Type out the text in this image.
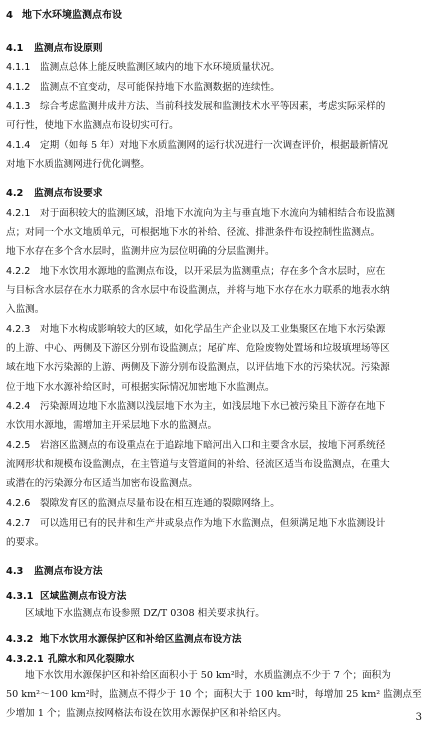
4 地下水环境监测点布设
4.1 监测点布设原则
4.1.1 监测点总体上能反映监测区域内的地下水环境质量状况。
4.1.2 监测点不宜变动，尽可能保持地下水监测数据的连续性。
4.1.3 综合考虑监测井成井方法、当前科技发展和监测技术水平等因素，考虑实际采样的
可行性，使地下水监测点布设切实可行。
4.1.4 定期（如每 5 年）对地下水质监测网的运行状况进行一次调查评价，根据最新情况
对地下水质监测网进行优化调整。
4.2 监测点布设要求
4.2.1 对于面积较大的监测区域，沿地下水流向为主与垂直地下水流向为辅相结合布设监测
点；对同一个水文地质单元，可根据地下水的补给、径流、排泄条件布设控制性监测点。
地下水存在多个含水层时，监测井应为层位明确的分层监测井。
4.2.2 地下水饮用水源地的监测点布设，以开采层为监测重点；存在多个含水层时，应在
与目标含水层存在水力联系的含水层中布设监测点，并将与地下水存在水力联系的地表水纳
入监测。
4.2.3 对地下水构成影响较大的区域，如化学品生产企业以及工业集聚区在地下水污染源
的上游、中心、两侧及下游区分别布设监测点；尾矿库、危险废物处置场和垃圾填埋场等区
域在地下水污染源的上游、两侧及下游分别布设监测点，以评估地下水的污染状况。污染源
位于地下水水源补给区时，可根据实际情况加密地下水监测点。
4.2.4 污染源周边地下水监测以浅层地下水为主，如浅层地下水已被污染且下游存在地下
水饮用水源地，需增加主开采层地下水的监测点。
4.2.5 岩溶区监测点的布设重点在于追踪地下暗河出入口和主要含水层，按地下河系统径
流网形状和规模布设监测点，在主管道与支管道间的补给、径流区适当布设监测点，在重大
或潜在的污染源分布区适当加密布设监测点。
4.2.6 裂隙发育区的监测点尽量布设在相互连通的裂隙网络上。
4.2.7 可以选用已有的民井和生产井或泉点作为地下水监测点，但须满足地下水监测设计
的要求。
4.3 监测点布设方法
4.3.1 区域监测点布设方法
区域地下水监测点布设参照 DZ/T 0308 相关要求执行。
4.3.2 地下水饮用水源保护区和补给区监测点布设方法
4.3.2.1 孔隙水和风化裂隙水
地下水饮用水源保护区和补给区面积小于 50 km²时，水质监测点不少于 7 个；面积为
50 km²～100 km²时，监测点不得少于 10 个；面积大于 100 km²时，每增加 25 km² 监测点至
少增加 1 个；监测点按网格法布设在饮用水源保护区和补给区内。	3
